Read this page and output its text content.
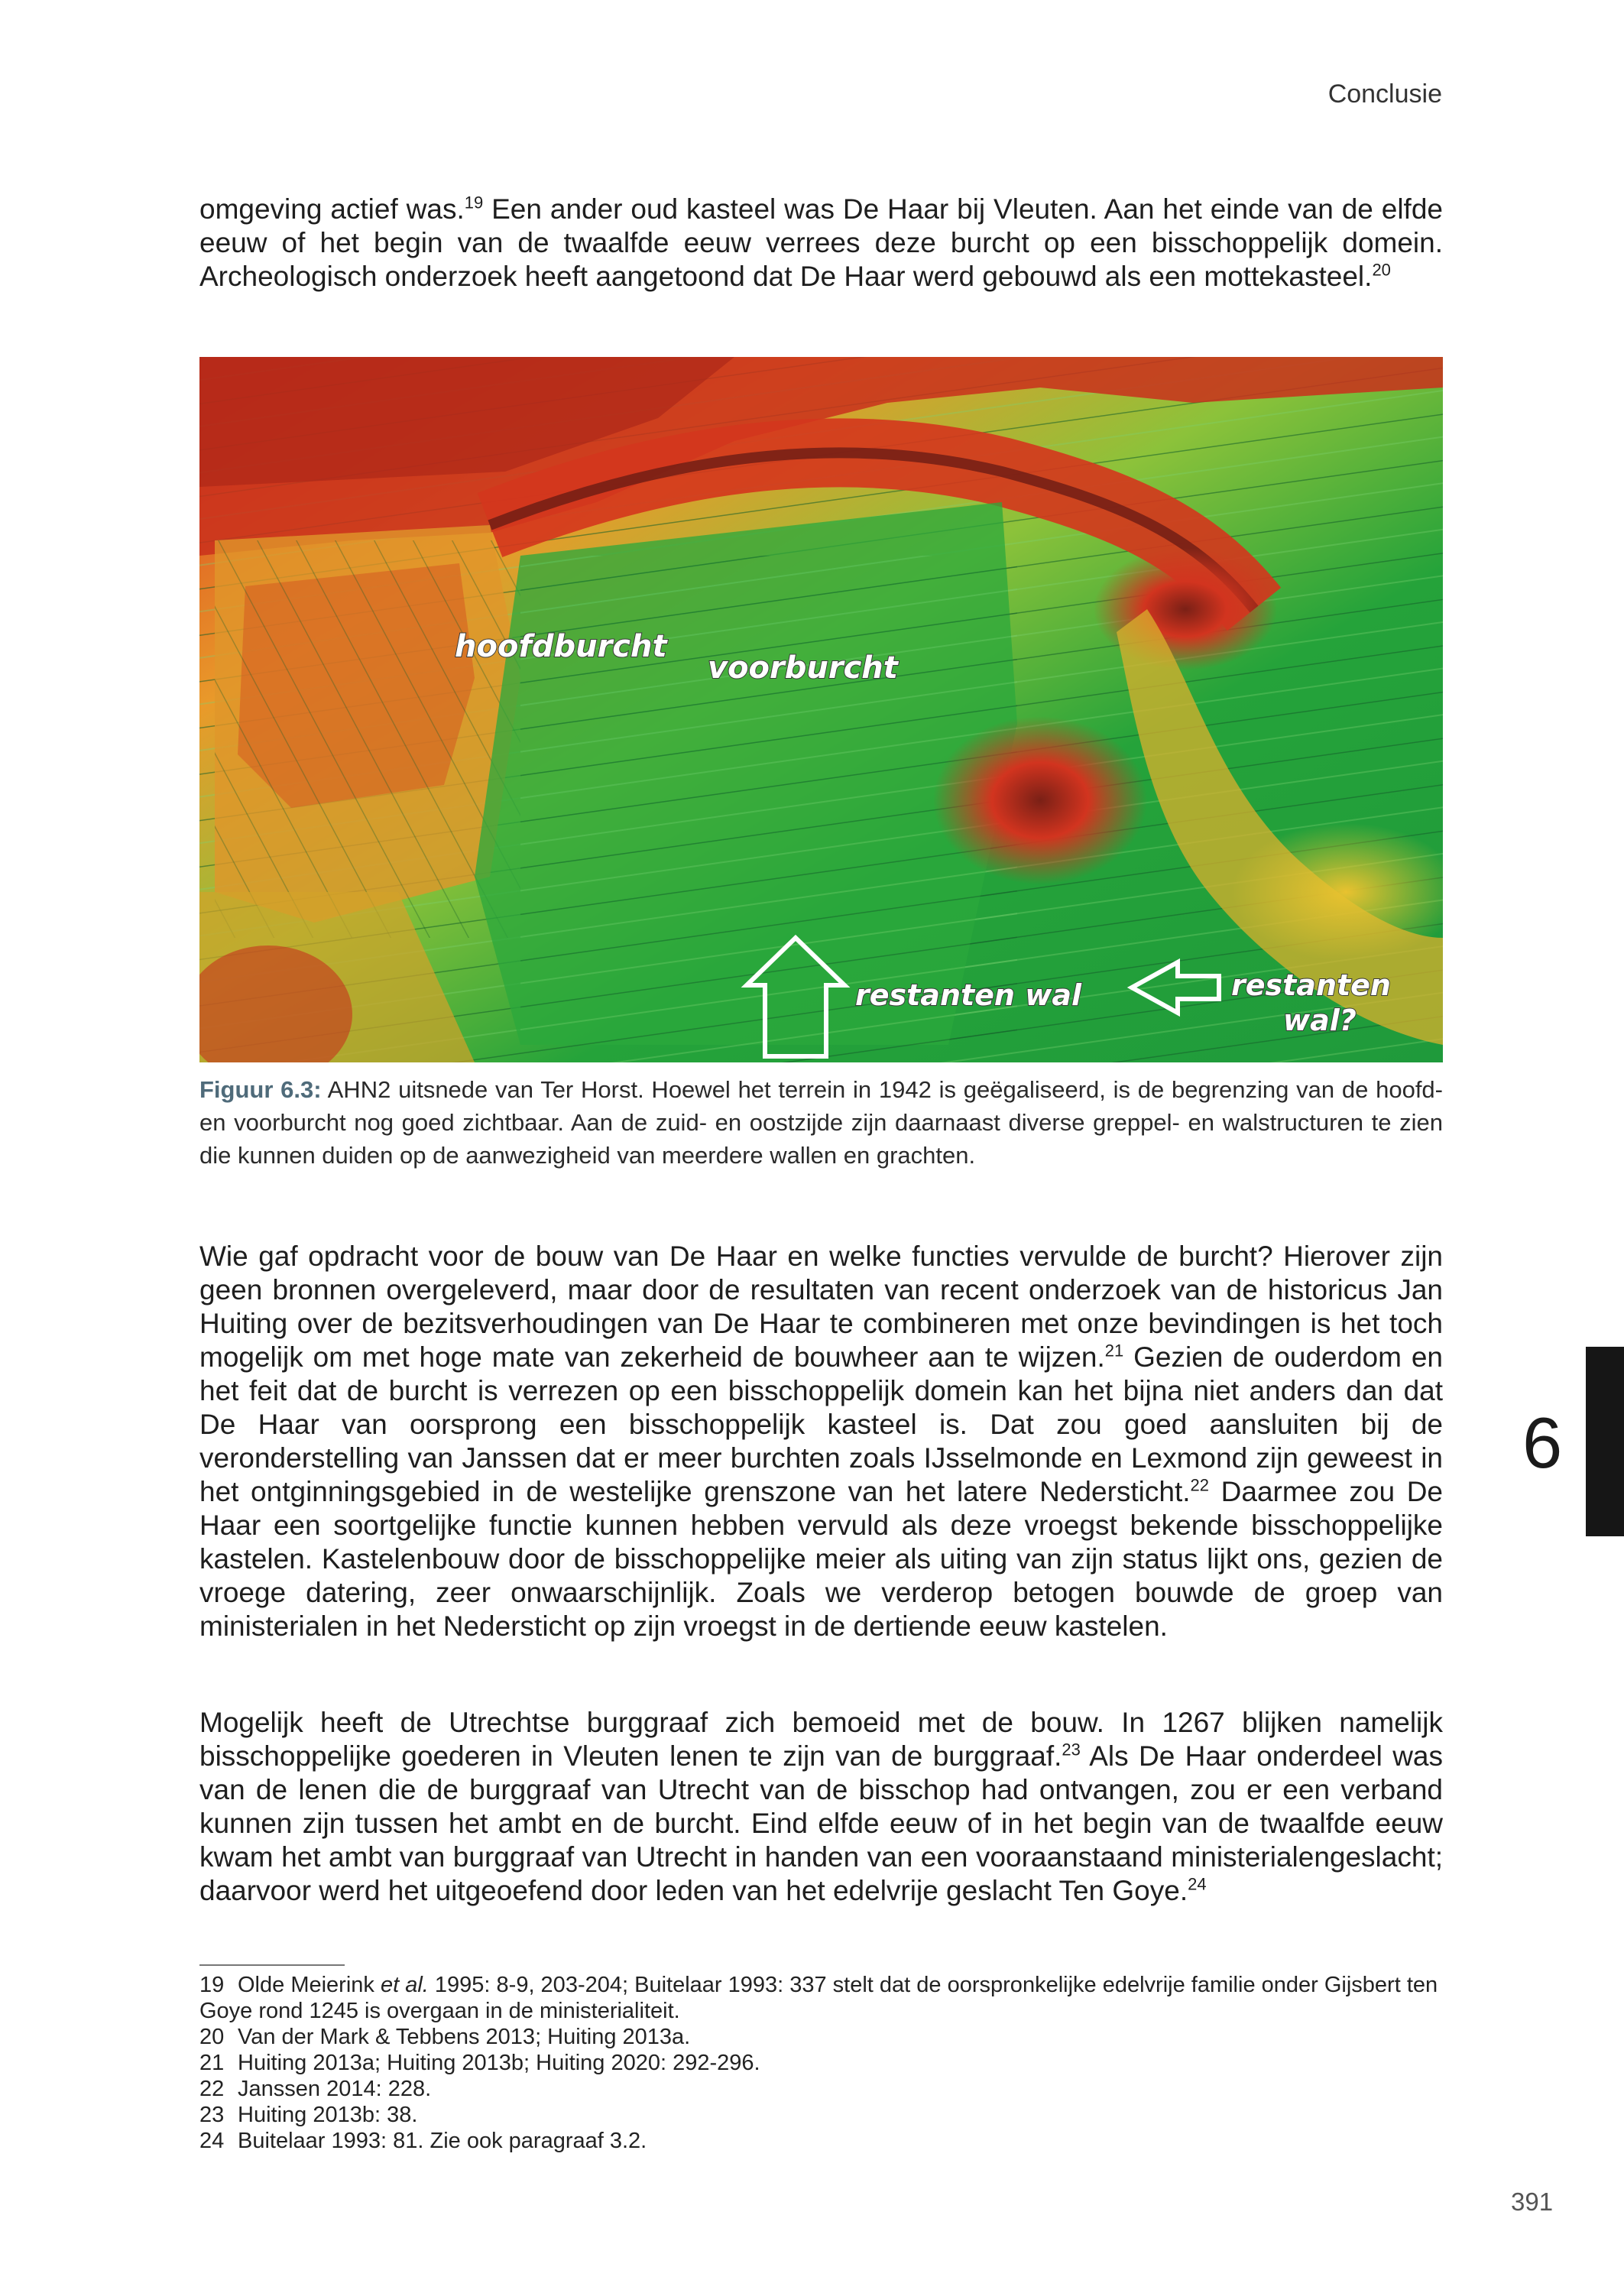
Conclusie

omgeving actief was.$^{19}$ Een ander oud kasteel was De Haar bij Vleuten. Aan het einde van de elfde eeuw of het begin van de twaalfde eeuw verrees deze burcht op een bisschoppelijk domein. Archeologisch onderzoek heeft aangetoond dat De Haar werd gebouwd als een mottekasteel.$^{20}$

hoofdburcht
voorburcht
restanten wal	restanten
wal?
Figuur 6.3: AHN2 uitsnede van Ter Horst. Hoewel het terrein in 1942 is geëgaliseerd, is de begrenzing van de hoofd- en voorburcht nog goed zichtbaar. Aan de zuid- en oostzijde zijn daarnaast diverse greppel- en walstructuren te zien die kunnen duiden op de aanwezigheid van meerdere wallen en grachten.

Wie gaf opdracht voor de bouw van De Haar en welke functies vervulde de burcht? Hierover zijn geen bronnen overgeleverd, maar door de resultaten van recent onderzoek van de historicus Jan Huiting over de bezitsverhoudingen van De Haar te combineren met onze bevindingen is het toch mogelijk om met hoge mate van zekerheid de bouwheer aan te wijzen.$^{21}$ Gezien de ouderdom en het feit dat de burcht is verrezen op een bisschoppelijk domein kan het bijna niet anders dan dat De Haar van oorsprong een bisschoppelijk kasteel is. Dat zou goed aansluiten bij de veronderstelling van Janssen dat er meer burchten zoals IJsselmonde en Lexmond zijn geweest in het ontginningsgebied in de westelijke grenszone van het latere Nedersticht.$^{22}$ Daarmee zou De Haar een soortgelijke functie kunnen hebben vervuld als deze vroegst bekende bisschoppelijke kastelen. Kastelenbouw door de bisschoppelijke meier als uiting van zijn status lijkt ons, gezien de vroege datering, zeer onwaarschijnlijk. Zoals we verderop betogen bouwde de groep van ministerialen in het Nedersticht op zijn vroegst in de dertiende eeuw kastelen.

Mogelijk heeft de Utrechtse burggraaf zich bemoeid met de bouw. In 1267 blijken namelijk bisschoppelijke goederen in Vleuten lenen te zijn van de burggraaf.$^{23}$ Als De Haar onderdeel was van de lenen die de burggraaf van Utrecht van de bisschop had ontvangen, zou er een verband kunnen zijn tussen het ambt en de burcht. Eind elfde eeuw of in het begin van de twaalfde eeuw kwam het ambt van burggraaf van Utrecht in handen van een vooraanstaand ministerialengeslacht; daarvoor werd het uitgeoefend door leden van het edelvrije geslacht Ten Goye.$^{24}$

19 Olde Meierink et al. 1995: 8-9, 203-204; Buitelaar 1993: 337 stelt dat de oorspronkelijke edelvrije familie onder Gijsbert ten Goye rond 1245 is overgaan in de ministerialiteit.

20 Van der Mark & Tebbens 2013; Huiting 2013a.

21 Huiting 2013a; Huiting 2013b; Huiting 2020: 292-296.

22 Janssen 2014: 228.

23 Huiting 2013b: 38.

24 Buitelaar 1993: 81. Zie ook paragraaf 3.2.

6
391
